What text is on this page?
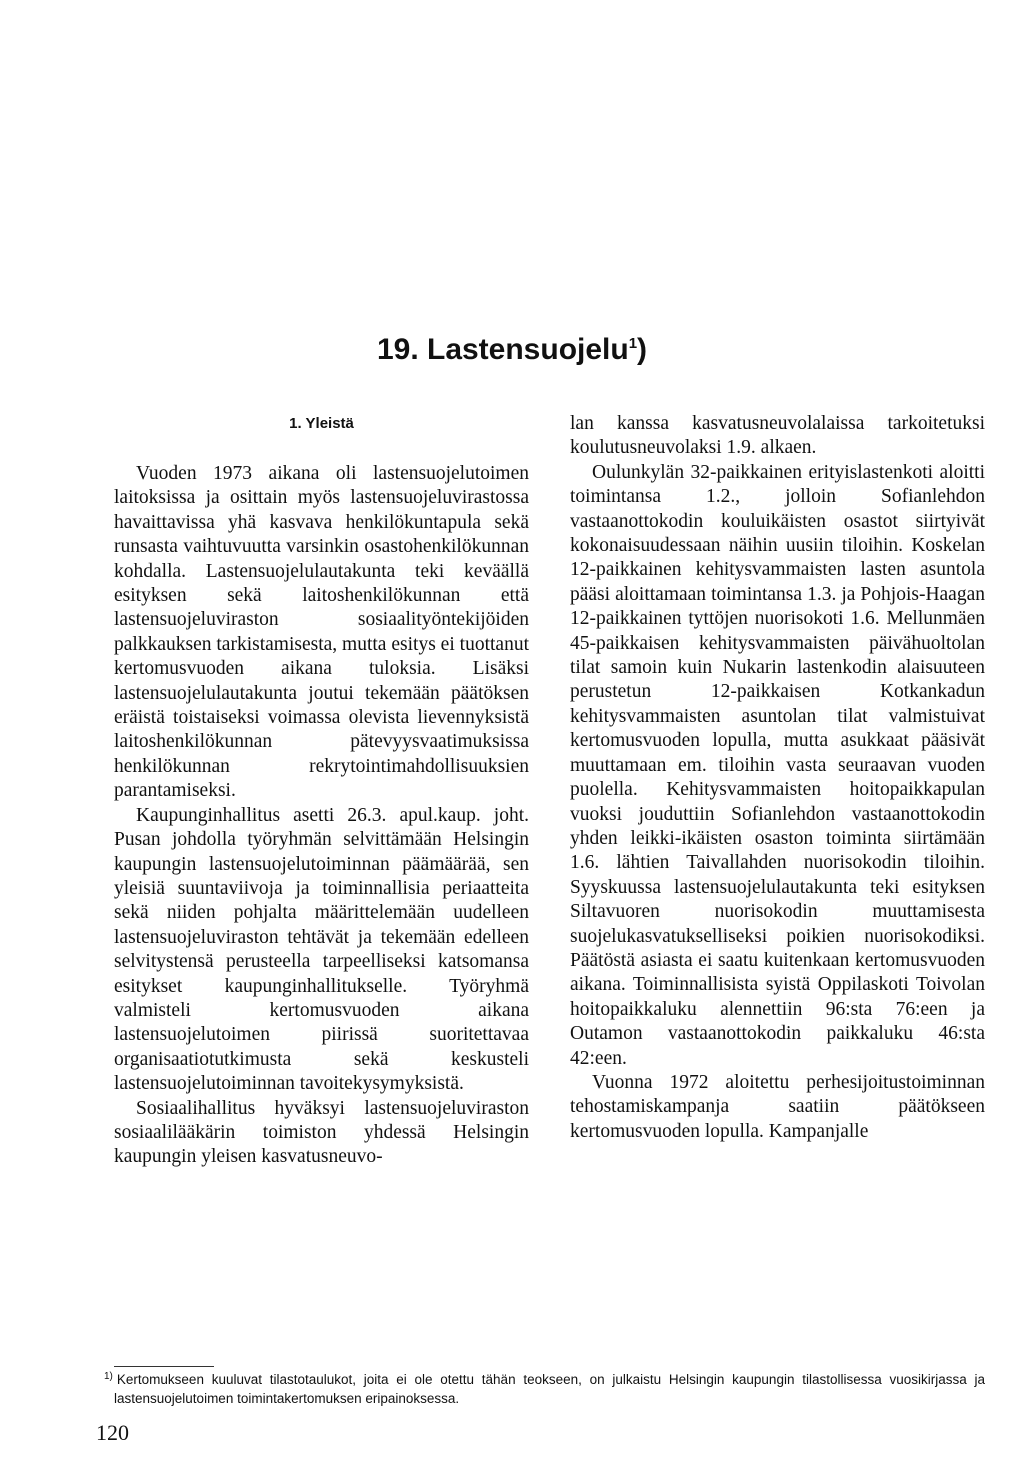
19. Lastensuojelu$^1$)
1. Yleistä

Vuoden 1973 aikana oli lastensuojelutoimen laitoksissa ja osittain myös lastensuojeluvirastossa havaittavissa yhä kasvava henkilökuntapula sekä runsasta vaihtuvuutta varsinkin osastohenkilökunnan kohdalla. Lastensuojelulautakunta teki keväällä esityksen sekä laitoshenkilökunnan että lastensuojeluviraston sosiaalityöntekijöiden palkkauksen tarkistamisesta, mutta esitys ei tuottanut kertomusvuoden aikana tuloksia. Lisäksi lastensuojelulautakunta joutui tekemään päätöksen eräistä toistaiseksi voimassa olevista lievennyksistä laitoshenkilökunnan pätevyysvaatimuksissa henkilökunnan rekrytointimahdollisuuksien parantamiseksi.

Kaupunginhallitus asetti 26.3. apul.kaup. joht. Pusan johdolla työryhmän selvittämään Helsingin kaupungin lastensuojelutoiminnan päämäärää, sen yleisiä suuntaviivoja ja toiminnallisia periaatteita sekä niiden pohjalta määrittelemään uudelleen lastensuojeluviraston tehtävät ja tekemään edelleen selvitystensä perusteella tarpeelliseksi katsomansa esitykset kaupunginhallitukselle. Työryhmä valmisteli kertomusvuoden aikana lastensuojelutoimen piirissä suoritettavaa organisaatiotutkimusta sekä keskusteli lastensuojelutoiminnan tavoitekysymyksistä.

Sosiaalihallitus hyväksyi lastensuojeluviraston sosiaalilääkärin toimiston yhdessä Helsingin kaupungin yleisen kasvatusneuvo-

lan kanssa kasvatusneuvolalaissa tarkoitetuksi koulutusneuvolaksi 1.9. alkaen.

Oulunkylän 32-paikkainen erityislastenkoti aloitti toimintansa 1.2., jolloin Sofianlehdon vastaanottokodin kouluikäisten osastot siirtyivät kokonaisuudessaan näihin uusiin tiloihin. Koskelan 12-paikkainen kehitysvammaisten lasten asuntola pääsi aloittamaan toimintansa 1.3. ja Pohjois-Haagan 12-paikkainen tyttöjen nuorisokoti 1.6. Mellunmäen 45-paikkaisen kehitysvammaisten päivähuoltolan tilat samoin kuin Nukarin lastenkodin alaisuuteen perustetun 12-paikkaisen Kotkankadun kehitysvammaisten asuntolan tilat valmistuivat kertomusvuoden lopulla, mutta asukkaat pääsivät muuttamaan em. tiloihin vasta seuraavan vuoden puolella. Kehitysvammaisten hoitopaikkapulan vuoksi jouduttiin Sofianlehdon vastaanottokodin yhden leikki-ikäisten osaston toiminta siirtämään 1.6. lähtien Taivallahden nuorisokodin tiloihin. Syyskuussa lastensuojelulautakunta teki esityksen Siltavuoren nuorisokodin muuttamisesta suojelukasvatukselliseksi poikien nuorisokodiksi. Päätöstä asiasta ei saatu kuitenkaan kertomusvuoden aikana. Toiminnallisista syistä Oppilaskoti Toivolan hoitopaikkaluku alennettiin 96:sta 76:een ja Outamon vastaanottokodin paikkaluku 46:sta 42:een.

Vuonna 1972 aloitettu perhesijoitustoiminnan tehostamiskampanja saatiin päätökseen kertomusvuoden lopulla. Kampanjalle

$^{1)}$ Kertomukseen kuuluvat tilastotaulukot, joita ei ole otettu tähän teokseen, on julkaistu Helsingin kaupungin tilastollisessa vuosikirjassa ja lastensuojelutoimen toimintakertomuksen eripainoksessa.
120
